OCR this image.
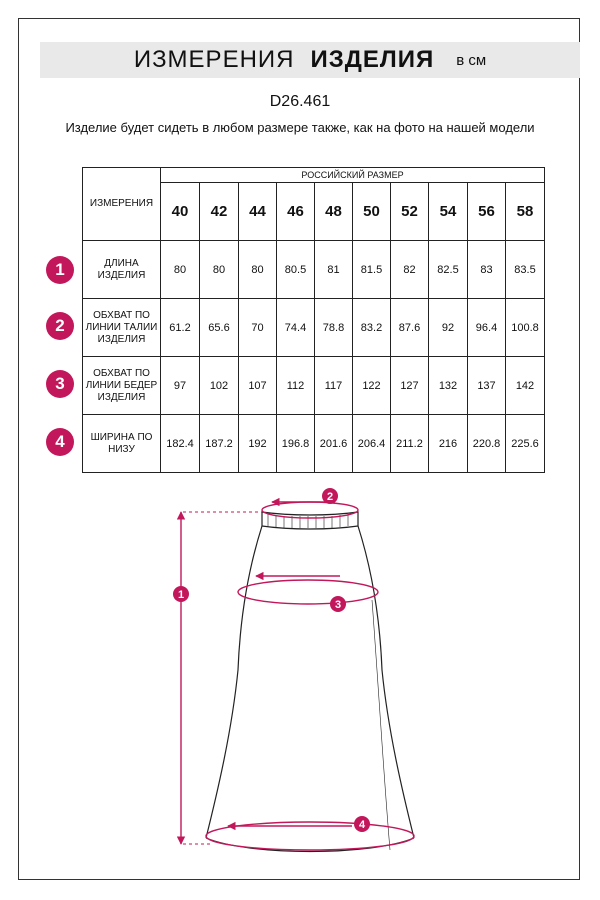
ИЗМЕРЕНИЯ ИЗДЕЛИЯ в см
D26.461
Изделие будет сидеть в любом размере также, как на фото на нашей модели
ИЗМЕРЕНИЯ	РОССИЙСКИЙ РАЗМЕР									
	40	42	44	46	48	50	52	54	56	58
ДЛИНА ИЗДЕЛИЯ	80	80	80	80.5	81	81.5	82	82.5	83	83.5
ОБХВАТ ПО ЛИНИИ ТАЛИИ ИЗДЕЛИЯ	61.2	65.6	70	74.4	78.8	83.2	87.6	92	96.4	100.8
ОБХВАТ ПО ЛИНИИ БЕДЕР ИЗДЕЛИЯ	97	102	107	112	117	122	127	132	137	142
ШИРИНА ПО НИЗУ	182.4	187.2	192	196.8	201.6	206.4	211.2	216	220.8	225.6
1
2
3
4
1
2
3
4
